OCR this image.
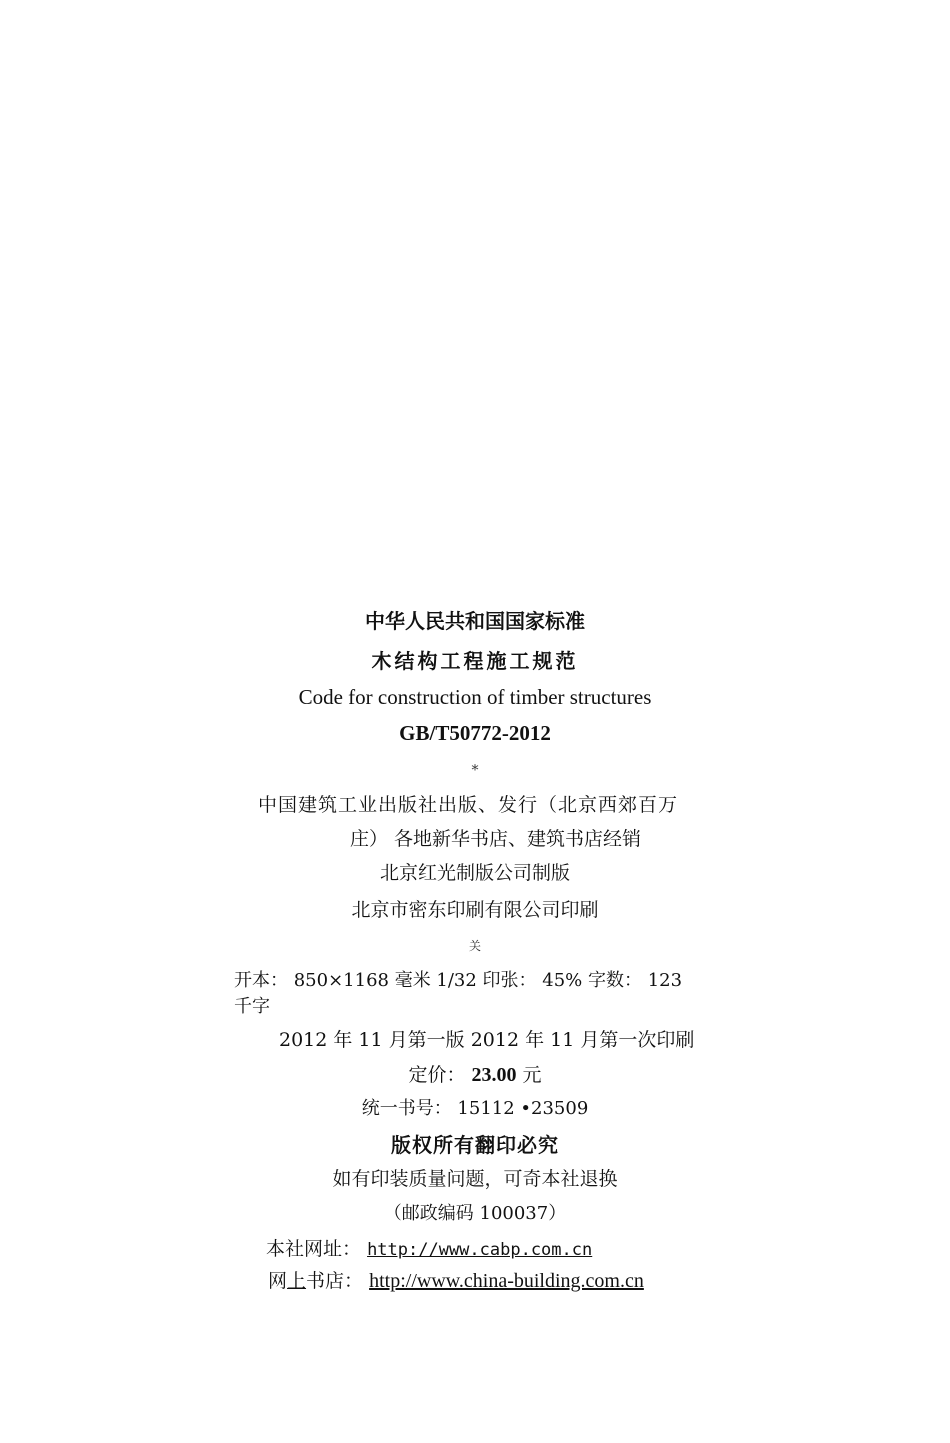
中华人民共和国国家标准
木结构工程施工规范
Code for construction of timber structures
GB/T50772-2012
⁎
中国建筑工业出版社出版、发行（北京西郊百万
庄） 各地新华书店、建筑书店经销
北京红光制版公司制版
北京市密东印刷有限公司印刷
关
开本： 850×1168 毫米 1/32 印张： 45% 字数： 123
千字
2012 年 11 月第一版 2012 年 11 月第一次印刷
定价： 23.00 元
统一书号： 15112 •23509
版权所有翻印必究
如有印装质量问题，可奇本社退换
（邮政编码 100037）
本社网址： http://www.cabp.com.cn
网上书店： http://www.china-building.com.cn
